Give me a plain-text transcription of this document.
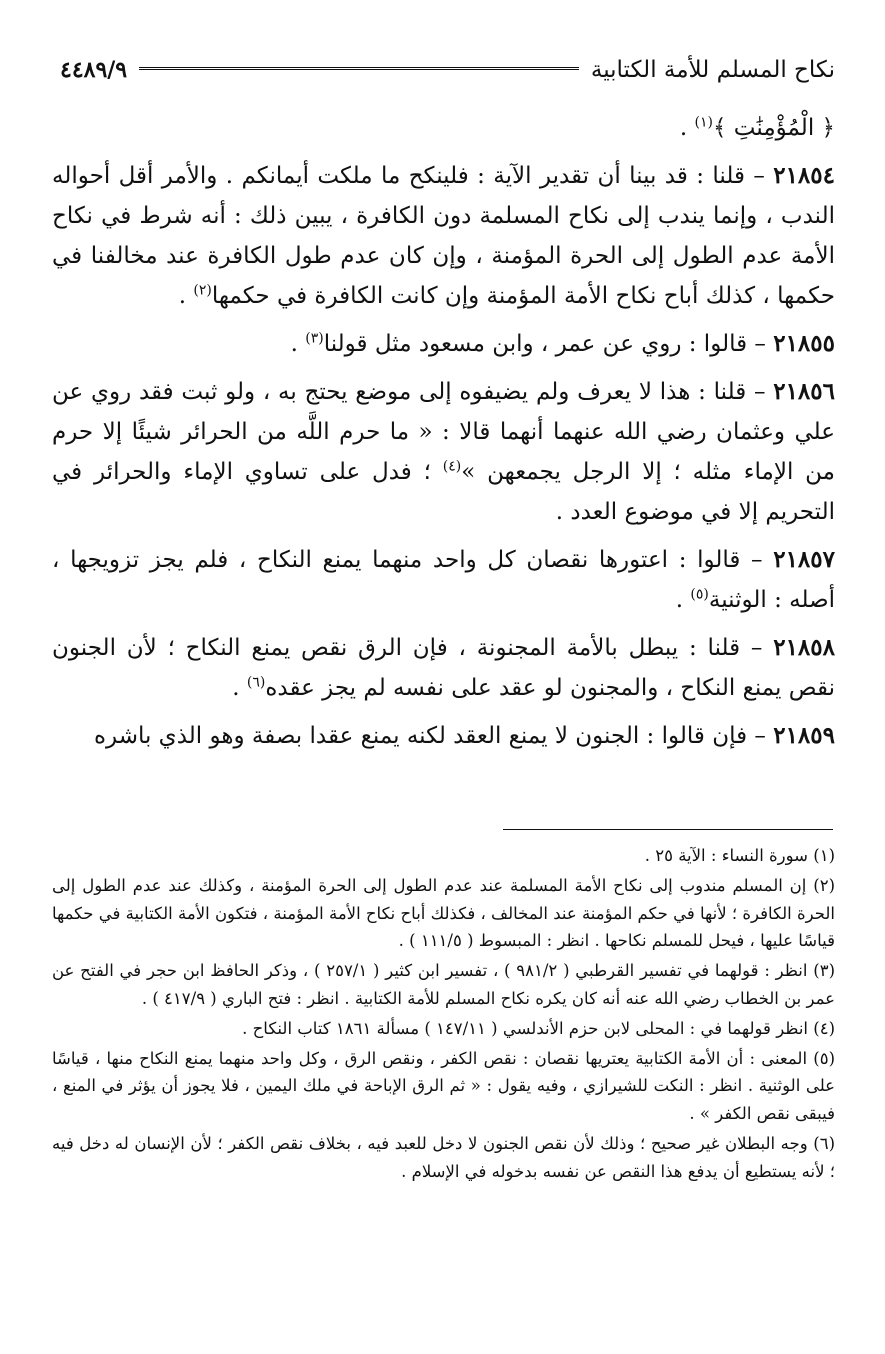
نكاح المسلم للأمة الكتابية
٤٤٨٩/٩

﴿ الْمُؤْمِنَٰتِ ﴾$^{(١)}$ .

٢١٨٥٤ – قلنا : قد بينا أن تقدير الآية : فلينكح ما ملكت أيمانكم . والأمر أقل أحواله الندب ، وإنما يندب إلى نكاح المسلمة دون الكافرة ، يبين ذلك : أنه شرط في نكاح الأمة عدم الطول إلى الحرة المؤمنة ، وإن كان عدم طول الكافرة عند مخالفنا في حكمها ، كذلك أباح نكاح الأمة المؤمنة وإن كانت الكافرة في حكمها$^{(٢)}$ .

٢١٨٥٥ – قالوا : روي عن عمر ، وابن مسعود مثل قولنا$^{(٣)}$ .

٢١٨٥٦ – قلنا : هذا لا يعرف ولم يضيفوه إلى موضع يحتج به ، ولو ثبت فقد روي عن علي وعثمان رضي الله عنهما أنهما قالا : « ما حرم اللَّه من الحرائر شيئًا إلا حرم من الإماء مثله ؛ إلا الرجل يجمعهن »$^{(٤)}$ ؛ فدل على تساوي الإماء والحرائر في التحريم إلا في موضوع العدد .

٢١٨٥٧ – قالوا : اعتورها نقصان كل واحد منهما يمنع النكاح ، فلم يجز تزويجها ، أصله : الوثنية$^{(٥)}$ .

٢١٨٥٨ – قلنا : يبطل بالأمة المجنونة ، فإن الرق نقص يمنع النكاح ؛ لأن الجنون نقص يمنع النكاح ، والمجنون لو عقد على نفسه لم يجز عقده$^{(٦)}$ .

٢١٨٥٩ – فإن قالوا : الجنون لا يمنع العقد لكنه يمنع عقدا بصفة وهو الذي باشره

(١) سورة النساء : الآية ٢٥ .

(٢) إن المسلم مندوب إلى نكاح الأمة المسلمة عند عدم الطول إلى الحرة المؤمنة ، وكذلك عند عدم الطول إلى الحرة الكافرة ؛ لأنها في حكم المؤمنة عند المخالف ، فكذلك أباح نكاح الأمة المؤمنة ، فتكون الأمة الكتابية في حكمها قياسًا عليها ، فيحل للمسلم نكاحها . انظر : المبسوط ( ١١١/٥ ) .

(٣) انظر : قولهما في تفسير القرطبي ( ٩٨١/٢ ) ، تفسير ابن كثير ( ٢٥٧/١ ) ، وذكر الحافظ ابن حجر في الفتح عن عمر بن الخطاب رضي الله عنه أنه كان يكره نكاح المسلم للأمة الكتابية . انظر : فتح الباري ( ٤١٧/٩ ) .

(٤) انظر قولهما في : المحلى لابن حزم الأندلسي ( ١٤٧/١١ ) مسألة ١٨٦١ كتاب النكاح .

(٥) المعنى : أن الأمة الكتابية يعتريها نقصان : نقص الكفر ، ونقص الرق ، وكل واحد منهما يمنع النكاح منها ، قياسًا على الوثنية . انظر : النكت للشيرازي ، وفيه يقول : « ثم الرق الإباحة في ملك اليمين ، فلا يجوز أن يؤثر في المنع ، فيبقى نقص الكفر » .

(٦) وجه البطلان غير صحيح ؛ وذلك لأن نقص الجنون لا دخل للعبد فيه ، بخلاف نقص الكفر ؛ لأن الإنسان له دخل فيه ؛ لأنه يستطيع أن يدفع هذا النقص عن نفسه بدخوله في الإسلام .
